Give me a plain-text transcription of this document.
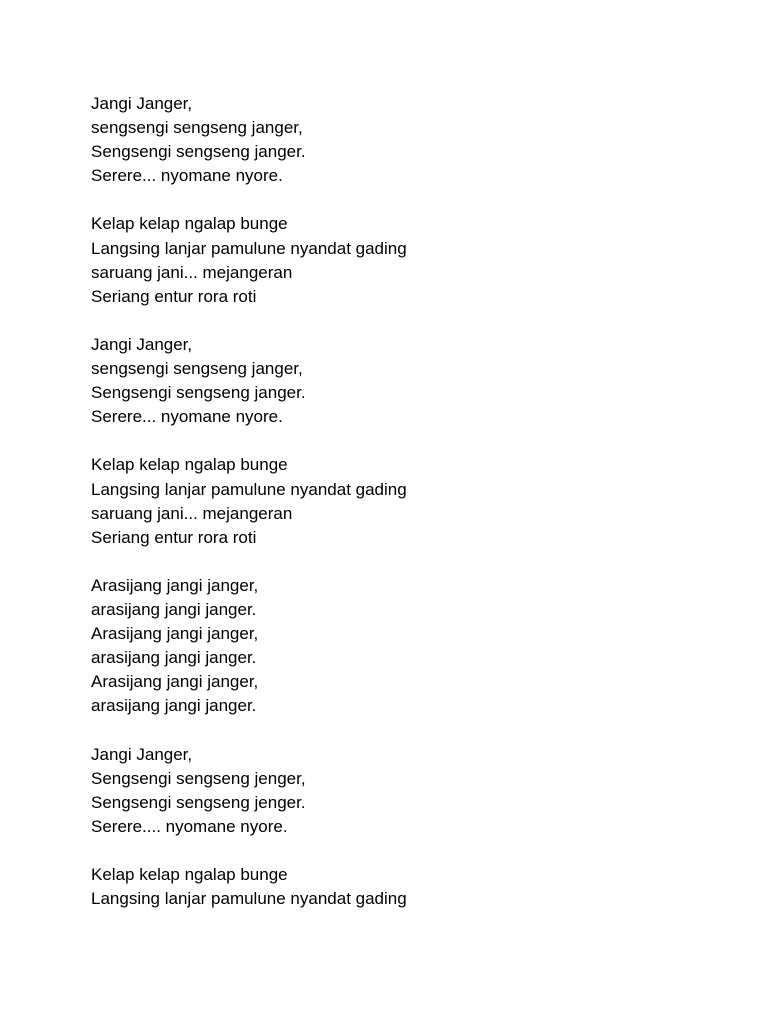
Jangi Janger,
sengsengi sengseng janger,
Sengsengi sengseng janger.
Serere... nyomane nyore.
Kelap kelap ngalap bunge
Langsing lanjar pamulune nyandat gading
saruang jani... mejangeran
Seriang entur rora roti
Jangi Janger,
sengsengi sengseng janger,
Sengsengi sengseng janger.
Serere... nyomane nyore.
Kelap kelap ngalap bunge
Langsing lanjar pamulune nyandat gading
saruang jani... mejangeran
Seriang entur rora roti
Arasijang jangi janger,
arasijang jangi janger.
Arasijang jangi janger,
arasijang jangi janger.
Arasijang jangi janger,
arasijang jangi janger.
Jangi Janger,
Sengsengi sengseng jenger,
Sengsengi sengseng jenger.
Serere.... nyomane nyore.
Kelap kelap ngalap bunge
Langsing lanjar pamulune nyandat gading
